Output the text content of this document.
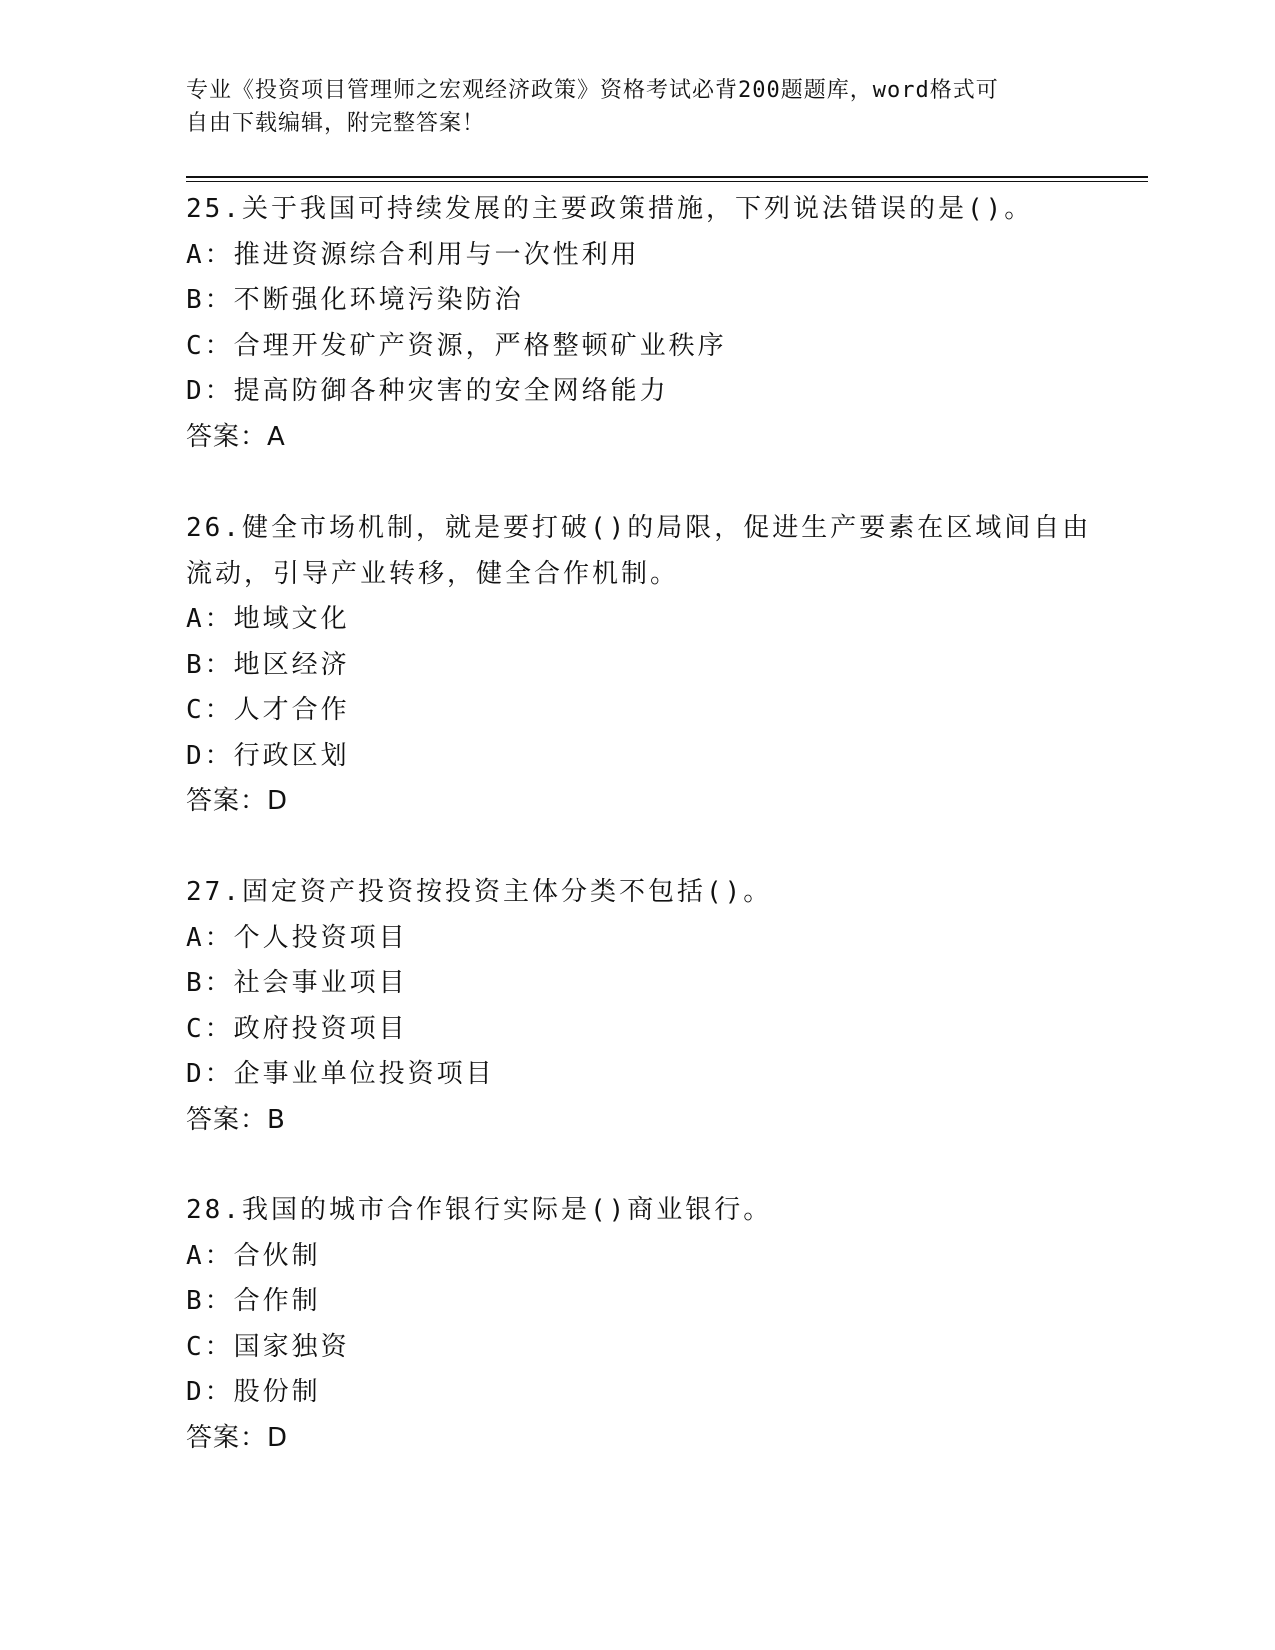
专业《投资项目管理师之宏观经济政策》资格考试必背200题题库，word格式可
自由下载编辑，附完整答案！
25.关于我国可持续发展的主要政策措施，下列说法错误的是()。
A：推进资源综合利用与一次性利用
B：不断强化环境污染防治
C：合理开发矿产资源，严格整顿矿业秩序
D：提高防御各种灾害的安全网络能力
答案：A
26.健全市场机制，就是要打破()的局限，促进生产要素在区域间自由
流动，引导产业转移，健全合作机制。
A：地域文化
B：地区经济
C：人才合作
D：行政区划
答案：D
27.固定资产投资按投资主体分类不包括()。
A：个人投资项目
B：社会事业项目
C：政府投资项目
D：企事业单位投资项目
答案：B
28.我国的城市合作银行实际是()商业银行。
A：合伙制
B：合作制
C：国家独资
D：股份制
答案：D
